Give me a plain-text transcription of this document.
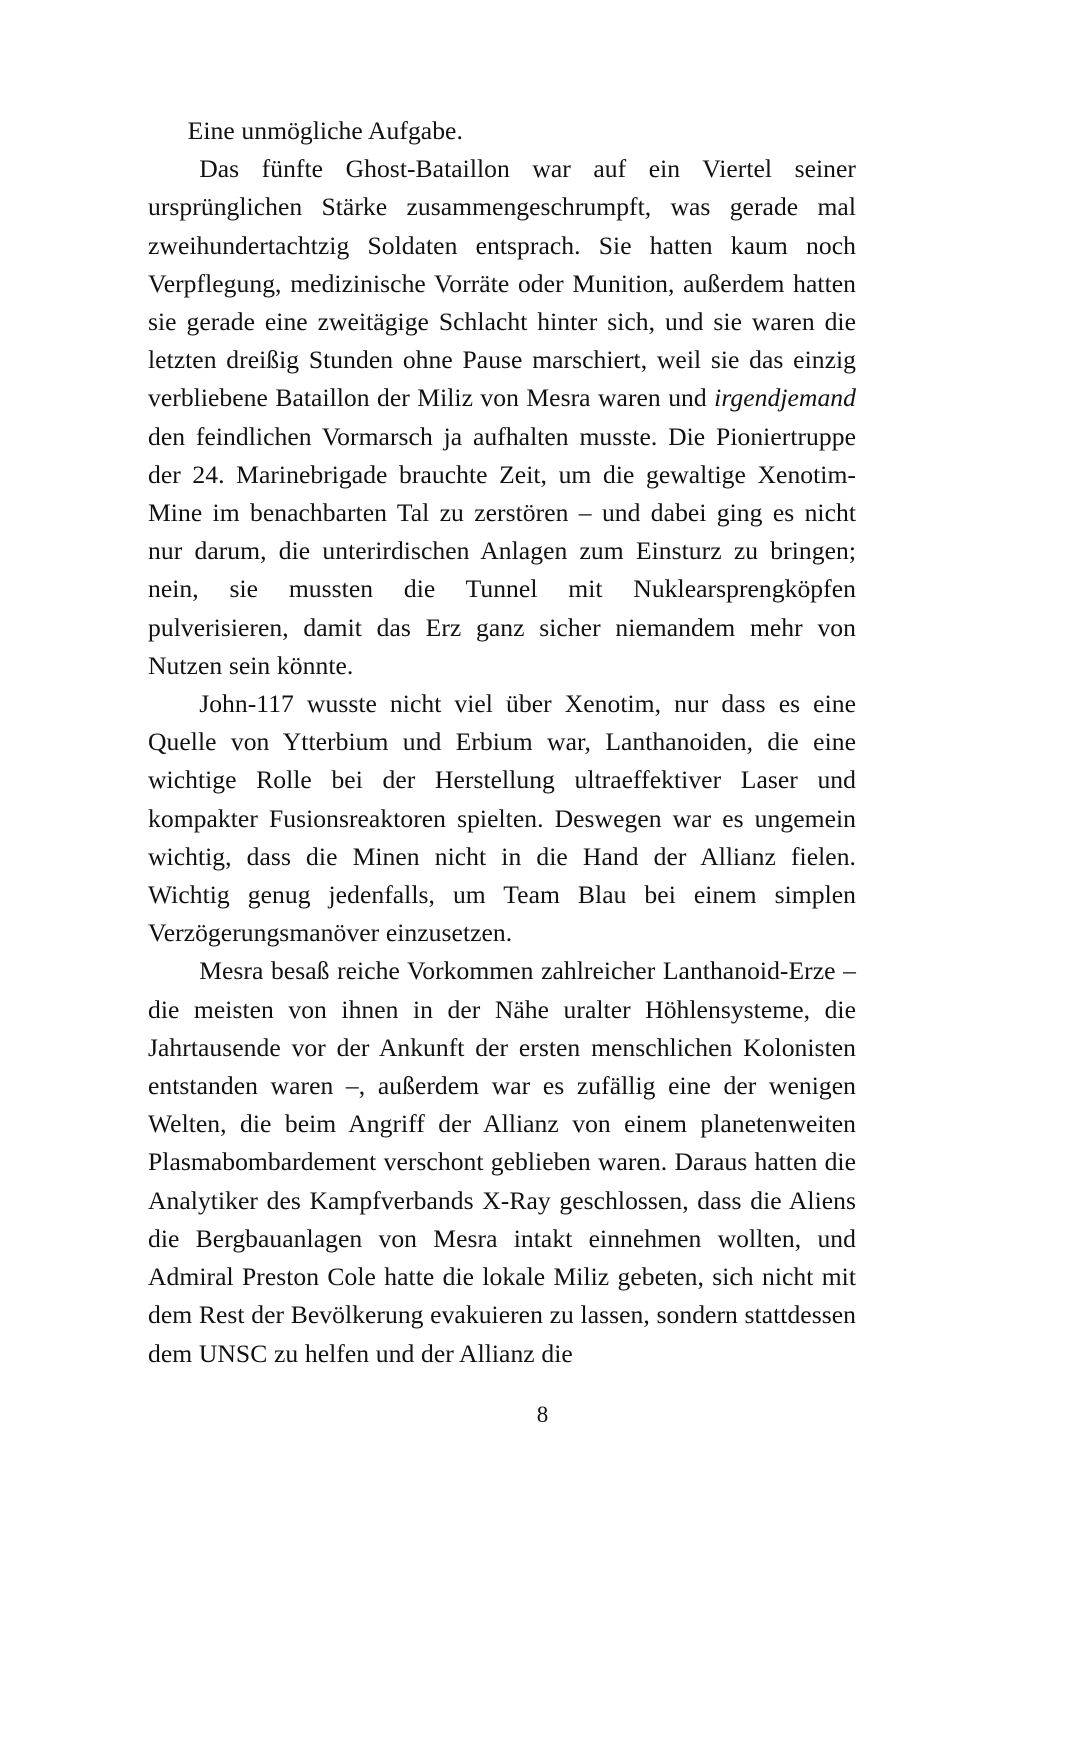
Eine unmögliche Aufgabe.

Das fünfte Ghost-Bataillon war auf ein Viertel seiner ursprünglichen Stärke zusammengeschrumpft, was gerade mal zweihundertachtzig Soldaten entsprach. Sie hatten kaum noch Verpflegung, medizinische Vorräte oder Munition, außerdem hatten sie gerade eine zweitägige Schlacht hinter sich, und sie waren die letzten dreißig Stunden ohne Pause marschiert, weil sie das einzig verbliebene Bataillon der Miliz von Mesra waren und irgendjemand den feindlichen Vormarsch ja aufhalten musste. Die Pioniertruppe der 24. Marinebrigade brauchte Zeit, um die gewaltige Xenotim-Mine im benachbarten Tal zu zerstören – und dabei ging es nicht nur darum, die unterirdischen Anlagen zum Einsturz zu bringen; nein, sie mussten die Tunnel mit Nuklearsprengköpfen pulverisieren, damit das Erz ganz sicher niemandem mehr von Nutzen sein könnte.

John-117 wusste nicht viel über Xenotim, nur dass es eine Quelle von Ytterbium und Erbium war, Lanthanoiden, die eine wichtige Rolle bei der Herstellung ultraeffektiver Laser und kompakter Fusionsreaktoren spielten. Deswegen war es ungemein wichtig, dass die Minen nicht in die Hand der Allianz fielen. Wichtig genug jedenfalls, um Team Blau bei einem simplen Verzögerungsmanöver einzusetzen.

Mesra besaß reiche Vorkommen zahlreicher Lanthanoid-Erze – die meisten von ihnen in der Nähe uralter Höhlensysteme, die Jahrtausende vor der Ankunft der ersten menschlichen Kolonisten entstanden waren –, außerdem war es zufällig eine der wenigen Welten, die beim Angriff der Allianz von einem planetenweiten Plasmabombardement verschont geblieben waren. Daraus hatten die Analytiker des Kampfverbands X-Ray geschlossen, dass die Aliens die Bergbauanlagen von Mesra intakt einnehmen wollten, und Admiral Preston Cole hatte die lokale Miliz gebeten, sich nicht mit dem Rest der Bevölkerung evakuieren zu lassen, sondern stattdessen dem UNSC zu helfen und der Allianz die

8
